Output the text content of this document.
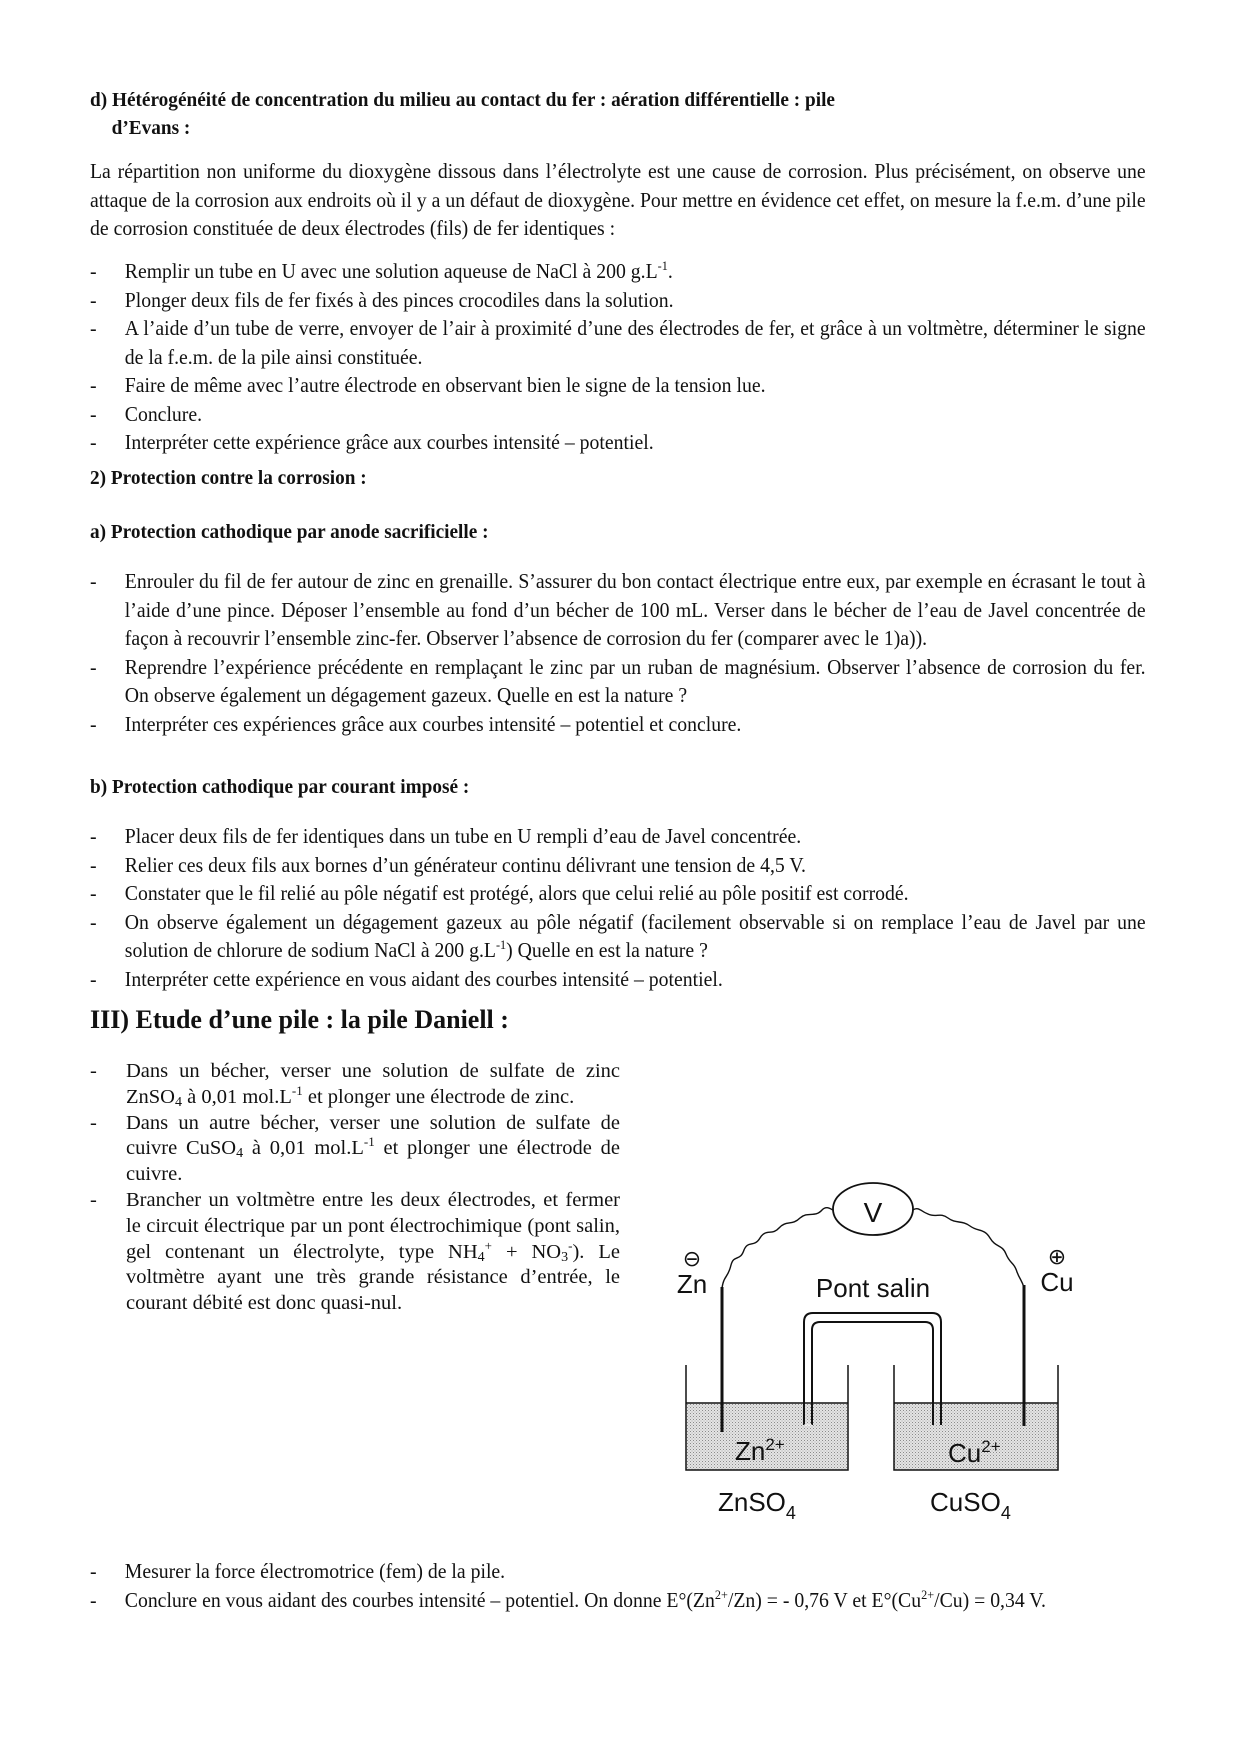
d) Hétérogénéité de concentration du milieu au contact du fer : aération différentielle : pile

d’Evans :

La répartition non uniforme du dioxygène dissous dans l’électrolyte est une cause de corrosion. Plus précisément, on observe une attaque de la corrosion aux endroits où il y a un défaut de dioxygène. Pour mettre en évidence cet effet, on mesure la f.e.m. d’une pile de corrosion constituée de deux électrodes (fils) de fer identiques :

- Remplir un tube en U avec une solution aqueuse de NaCl à 200 $g.L^{-1}$.
- Plonger deux fils de fer fixés à des pinces crocodiles dans la solution.
- A l’aide d’un tube de verre, envoyer de l’air à proximité d’une des électrodes de fer, et grâce à un voltmètre, déterminer le signe de la f.e.m. de la pile ainsi constituée.
- Faire de même avec l’autre électrode en observant bien le signe de la tension lue.
- Conclure.
- Interpréter cette expérience grâce aux courbes intensité – potentiel.

2) Protection contre la corrosion :

a) Protection cathodique par anode sacrificielle :

- Enrouler du fil de fer autour de zinc en grenaille. S’assurer du bon contact électrique entre eux, par exemple en écrasant le tout à l’aide d’une pince. Déposer l’ensemble au fond d’un bécher de 100 mL. Verser dans le bécher de l’eau de Javel concentrée de façon à recouvrir l’ensemble zinc-fer. Observer l’absence de corrosion du fer (comparer avec le 1)a)).
- Reprendre l’expérience précédente en remplaçant le zinc par un ruban de magnésium. Observer l’absence de corrosion du fer. On observe également un dégagement gazeux. Quelle en est la nature ?
- Interpréter ces expériences grâce aux courbes intensité – potentiel et conclure.

b) Protection cathodique par courant imposé :

- Placer deux fils de fer identiques dans un tube en U rempli d’eau de Javel concentrée.
- Relier ces deux fils aux bornes d’un générateur continu délivrant une tension de 4,5 V.
- Constater que le fil relié au pôle négatif est protégé, alors que celui relié au pôle positif est corrodé.
- On observe également un dégagement gazeux au pôle négatif (facilement observable si on remplace l’eau de Javel par une solution de chlorure de sodium NaCl à 200 $g.L^{-1}$) Quelle en est la nature ?
- Interpréter cette expérience en vous aidant des courbes intensité – potentiel.

III) Etude d’une pile : la pile Daniell :

- Dans un bécher, verser une solution de sulfate de zinc ZnSO$_4$ à 0,01 $mol.L^{-1}$ et plonger une électrode de zinc.
- Dans un autre bécher, verser une solution de sulfate de cuivre CuSO$_4$ à 0,01 $mol.L^{-1}$ et plonger une électrode de cuivre.
- Brancher un voltmètre entre les deux électrodes, et fermer le circuit électrique par un pont électrochimique (pont salin, gel contenant un électrolyte, type $NH_4^+ + NO_3^-$). Le voltmètre ayant une très grande résistance d’entrée, le courant débité est donc quasi-nul.
V
⊖
Zn
⊕
Cu
Pont salin
$Zn^{2+}$	$Cu^{2+}$
ZnSO$_4$	CuSO$_4$
- Mesurer la force électromotrice (fem) de la pile.
- Conclure en vous aidant des courbes intensité – potentiel. On donne $E^\circ(Zn^{2+}/Zn)$ = - 0,76 V et $E^\circ(Cu^{2+}/Cu) = 0,34$ V.
